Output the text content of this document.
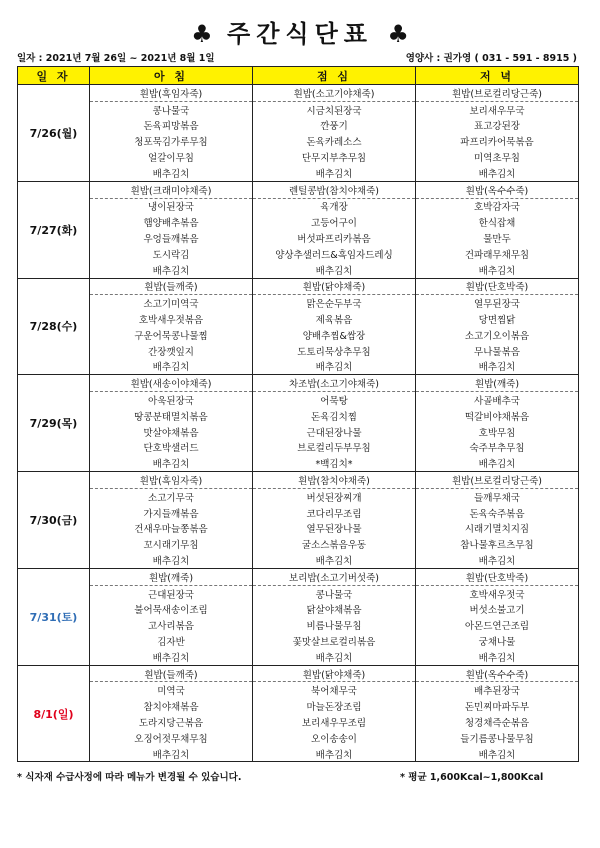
♣ 주간식단표 ♣
일자 : 2021년 7월 26일 ~ 2021년 8월 1일	영양사 : 권가영 ( 031 - 591 - 8915 )
일 자	아 침	점 심	저 녁
7/26(월)	흰밥(흑임자죽)	흰밥(소고기야채죽)	흰밥(브로컬리당근죽)
	콩나물국	시금치된장국	보리새우무국
	돈육피망볶음	깐풍기	표고강된장
	청포묵김가루무침	돈육카레소스	파프리카어묵볶음
	얼갈이무침	단무지부추무침	미역초무침
	배추김치	배추김치	배추김치
7/27(화)	흰밥(크래미야채죽)	렌틸콩밥(참치야채죽)	흰밥(옥수수죽)
	냉이된장국	육개장	호박감자국
	햄양배추볶음	고등어구이	한식잡채
	우엉들깨볶음	버섯파프리카볶음	물만두
	도시락김	양상추샐러드&흑임자드레싱	건파래무채무침
	배추김치	배추김치	배추김치
7/28(수)	흰밥(들깨죽)	흰밥(닭야채죽)	흰밥(단호박죽)
	소고기미역국	맑은순두부국	열무된장국
	호박새우젓볶음	제육볶음	당면찜닭
	구운어묵콩나물찜	양배추찜&쌈장	소고기오이볶음
	간장깻잎지	도토리묵상추무침	무나물볶음
	배추김치	배추김치	배추김치
7/29(목)	흰밥(새송이야채죽)	차조밥(소고기야채죽)	흰밥(깨죽)
	아욱된장국	어묵탕	사골배추국
	땅콩분태멸치볶음	돈육김치찜	떡갈비야채볶음
	맛살야채볶음	근대된장나물	호박무침
	단호박샐러드	브로컬리두부무침	숙주부추무침
	배추김치	*백김치*	배추김치
7/30(금)	흰밥(흑임자죽)	흰밥(참치야채죽)	흰밥(브로컬리당근죽)
	소고기무국	버섯된장찌개	들깨무채국
	가지들깨볶음	코다리무조림	돈육숙주볶음
	건새우마늘쫑볶음	열무된장나물	시래기멸치지짐
	꼬시래기무침	굴소스볶음우동	참나물후르츠무침
	배추김치	배추김치	배추김치
7/31(토)	흰밥(깨죽)	보리밥(소고기버섯죽)	흰밥(단호박죽)
	근대된장국	콩나물국	호박새우젓국
	불어묵새송이조림	닭살야채볶음	버섯소불고기
	고사리볶음	비름나물무침	아몬드연근조림
	김자반	꽃맛살브로컬리볶음	궁채나물
	배추김치	배추김치	배추김치
8/1(일)	흰밥(들깨죽)	흰밥(닭야채죽)	흰밥(옥수수죽)
	미역국	북어채무국	배추된장국
	참치야채볶음	마늘돈장조림	돈민찌마파두부
	도라지당근볶음	보리새우무조림	청경채즉순볶음
	오징어젓무채무침	오이송송이	들기름콩나물무침
	배추김치	배추김치	배추김치
* 식자재 수급사정에 따라 메뉴가 변경될 수 있습니다.	* 평균 1,600Kcal~1,800Kcal
